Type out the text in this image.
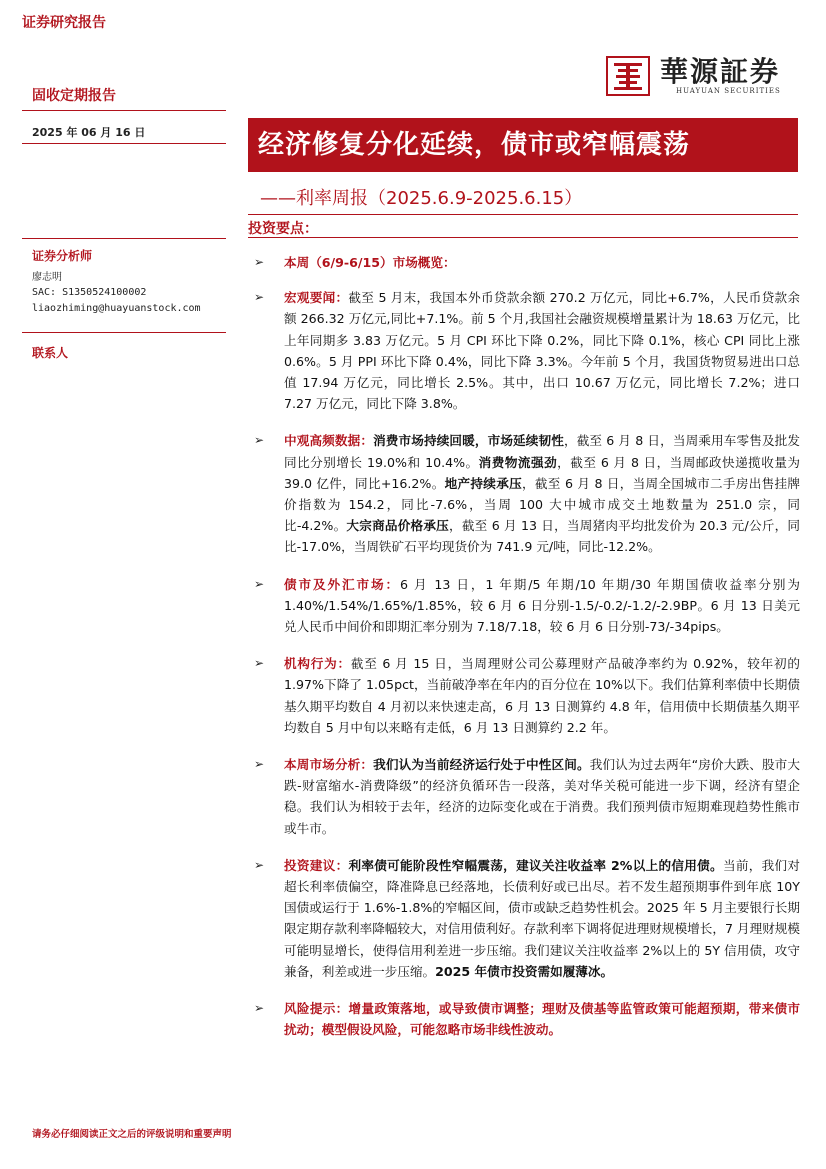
证券研究报告
固收定期报告
2025 年 06 月 16 日
華源証券
HUAYUAN SECURITIES
经济修复分化延续，债市或窄幅震荡
——利率周报（2025.6.9-2025.6.15）
投资要点：
证券分析师
廖志明
SAC: S1350524100002
liaozhiming@huayuanstock.com
联系人
➢ 本周（6/9-6/15）市场概览：
➢ 宏观要闻：截至 5 月末，我国本外币贷款余额 270.2 万亿元，同比+6.7%，人民币贷款余额 266.32 万亿元,同比+7.1%。前 5 个月,我国社会融资规模增量累计为 18.63 万亿元，比上年同期多 3.83 万亿元。5 月 CPI 环比下降 0.2%，同比下降 0.1%，核心 CPI 同比上涨 0.6%。5 月 PPI 环比下降 0.4%，同比下降 3.3%。今年前 5 个月，我国货物贸易进出口总值 17.94 万亿元，同比增长 2.5%。其中，出口 10.67 万亿元，同比增长 7.2%；进口 7.27 万亿元，同比下降 3.8%。
➢ 中观高频数据：消费市场持续回暖，市场延续韧性，截至 6 月 8 日，当周乘用车零售及批发同比分别增长 19.0%和 10.4%。消费物流强劲，截至 6 月 8 日，当周邮政快递揽收量为 39.0 亿件，同比+16.2%。地产持续承压，截至 6 月 8 日，当周全国城市二手房出售挂牌价指数为 154.2，同比-7.6%，当周 100 大中城市成交土地数量为 251.0 宗，同比-4.2%。大宗商品价格承压，截至 6 月 13 日，当周猪肉平均批发价为 20.3 元/公斤，同比-17.0%，当周铁矿石平均现货价为 741.9 元/吨，同比-12.2%。
➢ 债市及外汇市场：6 月 13 日，1 年期/5 年期/10 年期/30 年期国债收益率分别为 1.40%/1.54%/1.65%/1.85%，较 6 月 6 日分别-1.5/-0.2/-1.2/-2.9BP。6 月 13 日美元兑人民币中间价和即期汇率分别为 7.18/7.18，较 6 月 6 日分别-73/-34pips。
➢ 机构行为：截至 6 月 15 日，当周理财公司公募理财产品破净率约为 0.92%，较年初的 1.97%下降了 1.05pct，当前破净率在年内的百分位在 10%以下。我们估算利率债中长期债基久期平均数自 4 月初以来快速走高，6 月 13 日测算约 4.8 年，信用债中长期债基久期平均数自 5 月中旬以来略有走低，6 月 13 日测算约 2.2 年。
➢ 本周市场分析：我们认为当前经济运行处于中性区间。我们认为过去两年“房价大跌、股市大跌-财富缩水-消费降级”的经济负循环告一段落，美对华关税可能进一步下调，经济有望企稳。我们认为相较于去年，经济的边际变化或在于消费。我们预判债市短期难现趋势性熊市或牛市。
➢ 投资建议：利率债可能阶段性窄幅震荡，建议关注收益率 2%以上的信用债。当前，我们对超长利率债偏空，降准降息已经落地，长债利好或已出尽。若不发生超预期事件到年底 10Y 国债或运行于 1.6%-1.8%的窄幅区间，债市或缺乏趋势性机会。2025 年 5 月主要银行长期限定期存款利率降幅较大，对信用债利好。存款利率下调将促进理财规模增长，7 月理财规模可能明显增长，使得信用利差进一步压缩。我们建议关注收益率 2%以上的 5Y 信用债，攻守兼备，利差或进一步压缩。2025 年债市投资需如履薄冰。
➢ 风险提示：增量政策落地，或导致债市调整；理财及债基等监管政策可能超预期，带来债市扰动；模型假设风险，可能忽略市场非线性波动。
请务必仔细阅读正文之后的评级说明和重要声明
